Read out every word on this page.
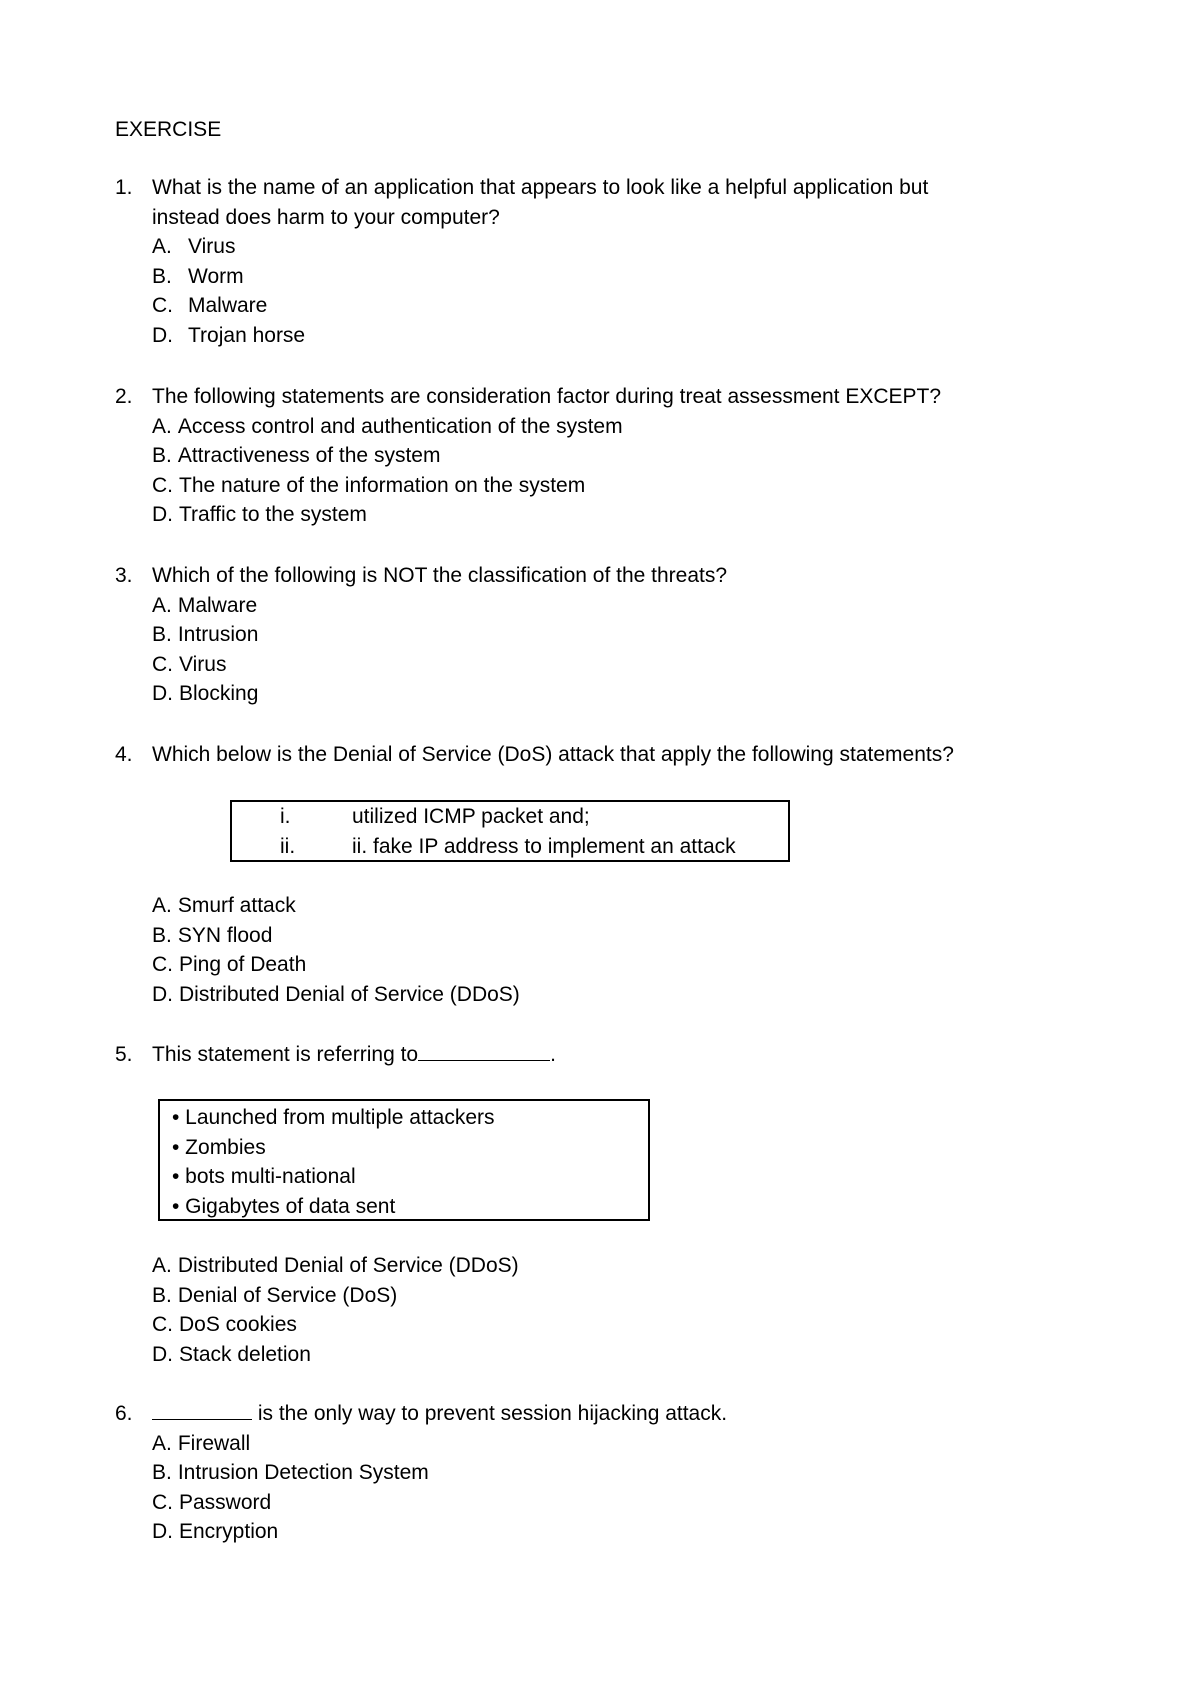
EXERCISE
1. What is the name of an application that appears to look like a helpful application but
instead does harm to your computer?
A. Virus
B. Worm
C. Malware
D. Trojan horse
2. The following statements are consideration factor during treat assessment EXCEPT?
A. Access control and authentication of the system
B. Attractiveness of the system
C. The nature of the information on the system
D. Traffic to the system
3. Which of the following is NOT the classification of the threats?
A. Malware
B. Intrusion
C. Virus
D. Blocking
4. Which below is the Denial of Service (DoS) attack that apply the following statements?
i.	utilized ICMP packet and;
ii.	ii. fake IP address to implement an attack
A. Smurf attack
B. SYN flood
C. Ping of Death
D. Distributed Denial of Service (DDoS)
5. This statement is referring to	.
• Launched from multiple attackers
• Zombies
• bots multi-national
• Gigabytes of data sent
A. Distributed Denial of Service (DDoS)
B. Denial of Service (DoS)
C. DoS cookies
D. Stack deletion
6.	is the only way to prevent session hijacking attack.
A. Firewall
B. Intrusion Detection System
C. Password
D. Encryption
